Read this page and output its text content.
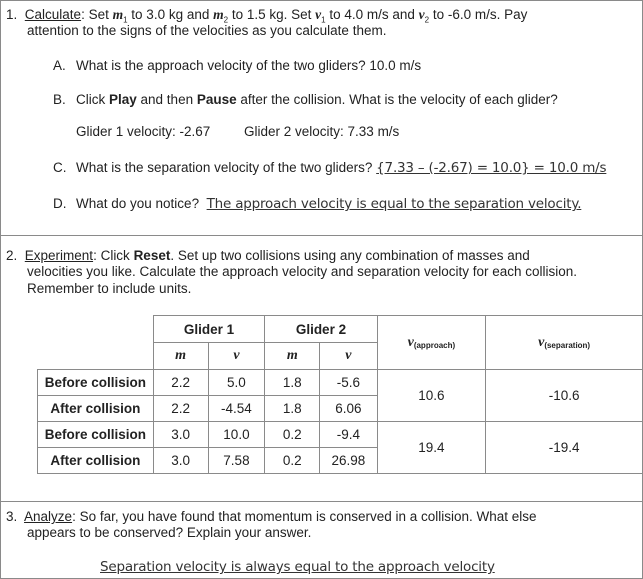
1. Calculate: Set $m_1$ to 3.0 kg and $m_2$ to 1.5 kg. Set $v_1$ to 4.0 m/s and $v_2$ to -6.0 m/s. Pay
attention to the signs of the velocities as you calculate them.
A. What is the approach velocity of the two gliders? 10.0 m/s
B. Click Play and then Pause after the collision. What is the velocity of each glider?
Glider 1 velocity: -2.67 Glider 2 velocity: 7.33 m/s
C. What is the separation velocity of the two gliders? {7.33 – (-2.67) = 10.0} = 10.0 m/s
D. What do you notice? The approach velocity is equal to the separation velocity.
2. Experiment: Click Reset. Set up two collisions using any combination of masses and
velocities you like. Calculate the approach velocity and separation velocity for each collision.
Remember to include units.
	Glider 1		Glider 2		v(approach)	v(separation)
	m	v	m	v		
Before collision	2.2	5.0	1.8	-5.6	10.6	-10.6
After collision	2.2	-4.54	1.8	6.06		
Before collision	3.0	10.0	0.2	-9.4	19.4	-19.4
After collision	3.0	7.58	0.2	26.98		
3. Analyze: So far, you have found that momentum is conserved in a collision. What else
appears to be conserved? Explain your answer.
Separation velocity is always equal to the approach velocity
